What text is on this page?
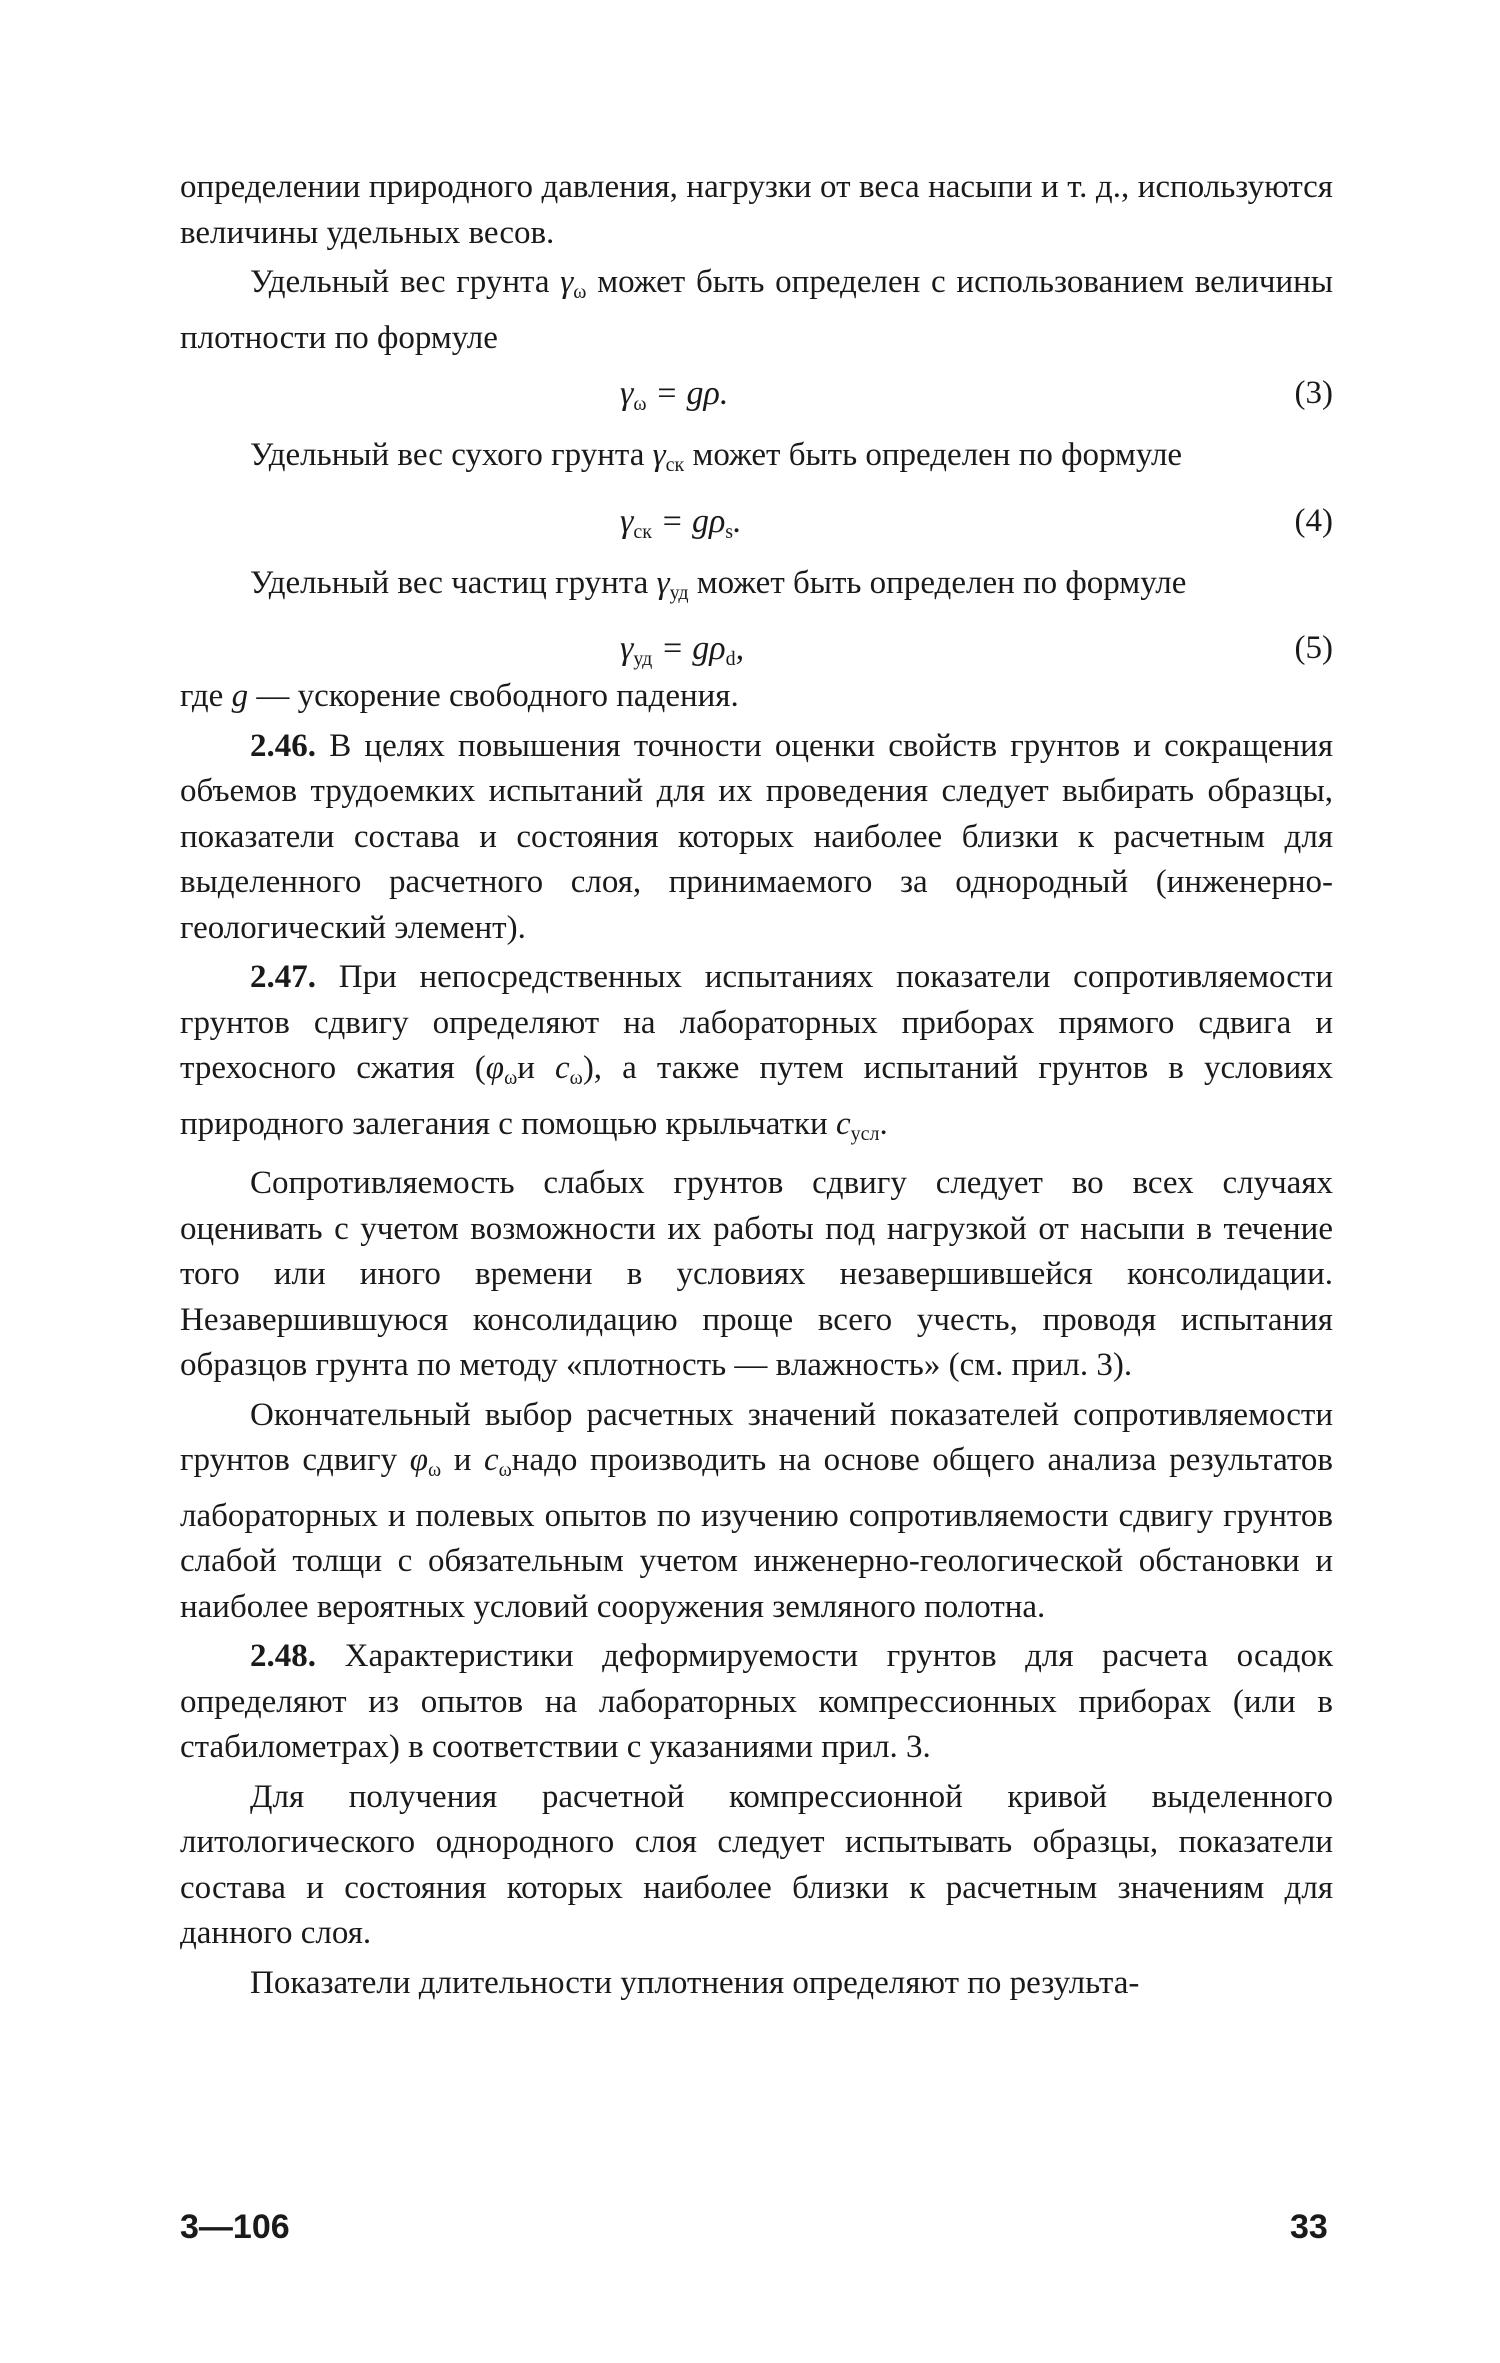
определении природного давления, нагрузки от веса насыпи и т. д., используются величины удельных весов.

Удельный вес грунта $\gamma_\omega$ может быть определен с использованием величины плотности по формуле

$\gamma_\omega = g\rho$.	(3)

Удельный вес сухого грунта $\gamma_{ск}$ может быть определен по формуле

$\gamma_{ск} = g\rho_s$.	(4)

Удельный вес частиц грунта $\gamma_{уд}$ может быть определен по формуле

$\gamma_{уд} = g\rho_d$,	(5)

где g — ускорение свободного падения.

2.46. В целях повышения точности оценки свойств грунтов и сокращения объемов трудоемких испытаний для их проведения следует выбирать образцы, показатели состава и состояния которых наиболее близки к расчетным для выделенного расчетного слоя, принимаемого за однородный (инженерно-геологический элемент).

2.47. При непосредственных испытаниях показатели сопротивляемости грунтов сдвигу определяют на лабораторных приборах прямого сдвига и трехосного сжатия ($\varphi_\omega и$ $c_\omega$), а также путем испытаний грунтов в условиях природного залегания с помощью крыльчатки $c_{усл}$.

Сопротивляемость слабых грунтов сдвигу следует во всех случаях оценивать с учетом возможности их работы под нагрузкой от насыпи в течение того или иного времени в условиях незавершившейся консолидации. Незавершившуюся консолидацию проще всего учесть, проводя испытания образцов грунта по методу «плотность — влажность» (см. прил. 3).

Окончательный выбор расчетных значений показателей сопротивляемости грунтов сдвигу $\varphi_\omega$ и $c_\omega надо$ производить на основе общего анализа результатов лабораторных и полевых опытов по изучению сопротивляемости сдвигу грунтов слабой толщи с обязательным учетом инженерно-геологической обстановки и наиболее вероятных условий сооружения земляного полотна.

2.48. Характеристики деформируемости грунтов для расчета осадок определяют из опытов на лабораторных компрессионных приборах (или в стабилометрах) в соответствии с указаниями прил. 3.

Для получения расчетной компрессионной кривой выделенного литологического однородного слоя следует испытывать образцы, показатели состава и состояния которых наиболее близки к расчетным значениям для данного слоя.

Показатели длительности уплотнения определяют по результа-

3—106	33
